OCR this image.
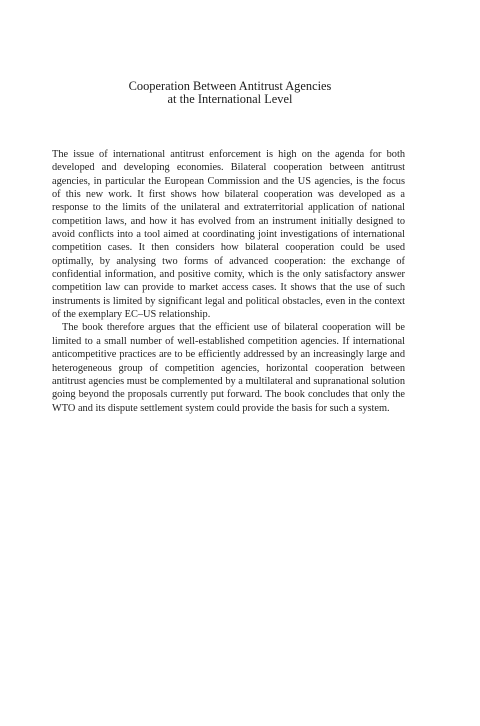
Cooperation Between Antitrust Agencies
at the International Level

The issue of international antitrust enforcement is high on the agenda for both developed and developing economies. Bilateral cooperation between antitrust agencies, in particular the European Commission and the US agencies, is the focus of this new work. It first shows how bilateral cooperation was developed as a response to the limits of the unilateral and extraterritorial application of national competition laws, and how it has evolved from an instrument initially designed to avoid conflicts into a tool aimed at coordinating joint investigations of international competition cases. It then considers how bilateral cooperation could be used optimally, by analysing two forms of advanced cooperation: the exchange of confidential information, and positive comity, which is the only satisfactory answer competition law can provide to market access cases. It shows that the use of such instruments is limited by significant legal and political obstacles, even in the context of the exemplary EC–US relationship.

The book therefore argues that the efficient use of bilateral cooperation will be limited to a small number of well-established competition agencies. If international anticompetitive practices are to be efficiently addressed by an increasingly large and heterogeneous group of competition agencies, horizontal cooperation between antitrust agencies must be complemented by a multilateral and supranational solution going beyond the proposals currently put forward. The book concludes that only the WTO and its dispute settlement system could provide the basis for such a system.
